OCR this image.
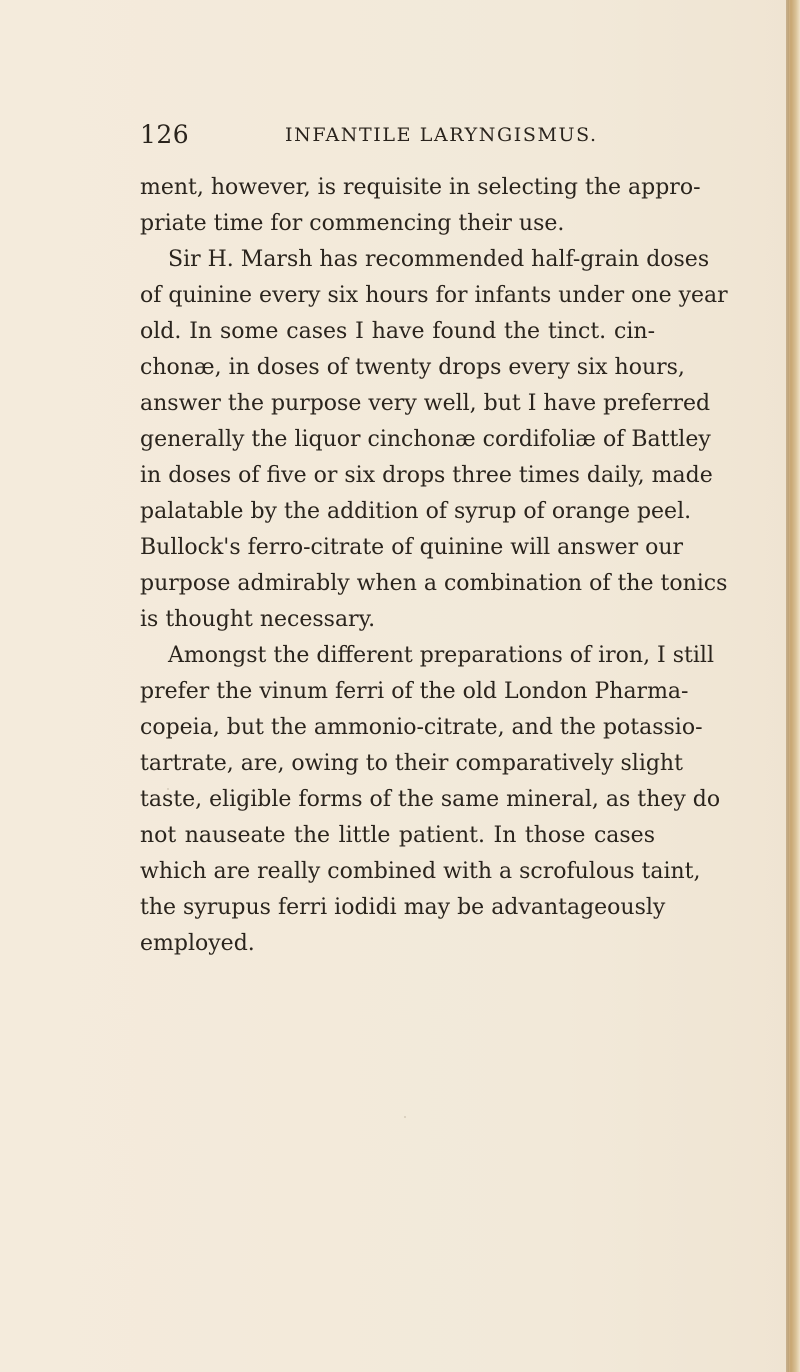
126	INFANTILE LARYNGISMUS.
ment, however, is requisite in selecting the appro-
priate time for commencing their use.
Sir H. Marsh has recommended half-grain doses
of quinine every six hours for infants under one year
old. In some cases I have found the tinct. cin-
chonæ, in doses of twenty drops every six hours,
answer the purpose very well, but I have preferred
generally the liquor cinchonæ cordifoliæ of Battley
in doses of five or six drops three times daily, made
palatable by the addition of syrup of orange peel.
Bullock's ferro-citrate of quinine will answer our
purpose admirably when a combination of the tonics
is thought necessary.
Amongst the different preparations of iron, I still
prefer the vinum ferri of the old London Pharma-
copeia, but the ammonio-citrate, and the potassio-
tartrate, are, owing to their comparatively slight
taste, eligible forms of the same mineral, as they do
not nauseate the little patient. In those cases
which are really combined with a scrofulous taint,
the syrupus ferri iodidi may be advantageously
employed.
